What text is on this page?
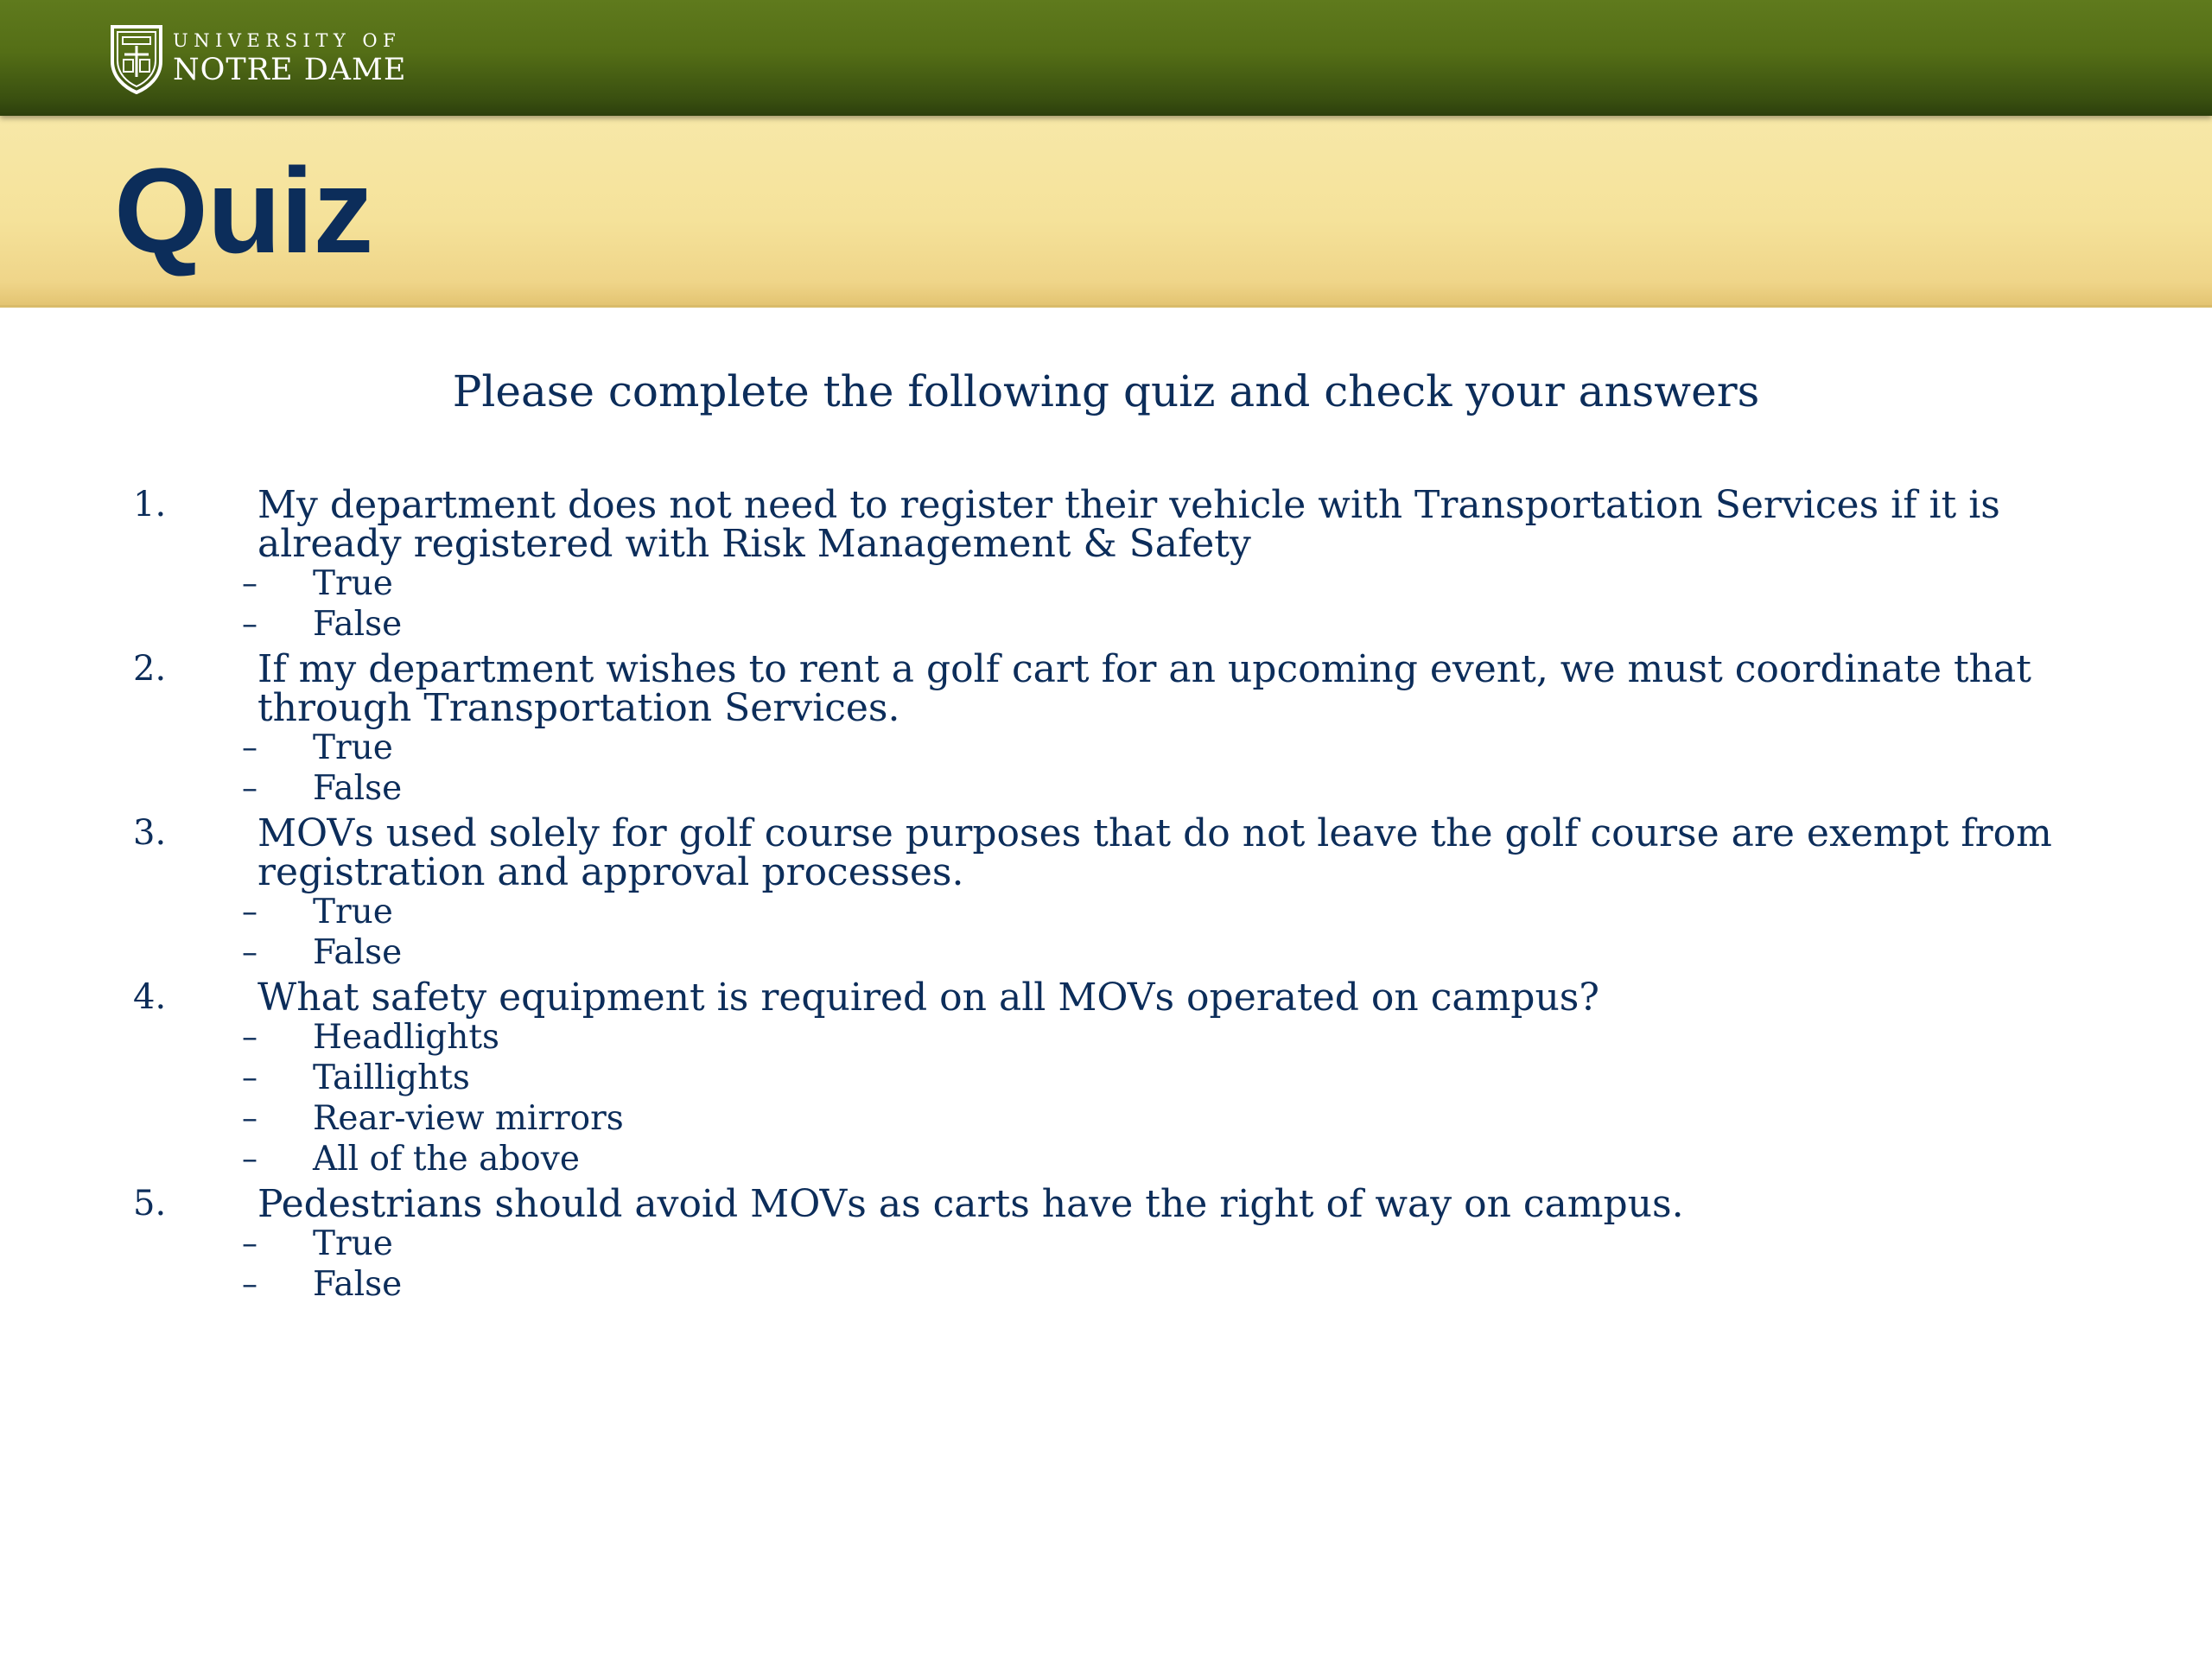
UNIVERSITY OF
NOTRE DAME
Quiz
Please complete the following quiz and check your answers
1. My department does not need to register their vehicle with Transportation Services if it is already registered with Risk Management & Safety
– True
– False
2. If my department wishes to rent a golf cart for an upcoming event, we must coordinate that through Transportation Services.
– True
– False
3. MOVs used solely for golf course purposes that do not leave the golf course are exempt from registration and approval processes.
– True
– False
4. What safety equipment is required on all MOVs operated on campus?
– Headlights
– Taillights
– Rear-view mirrors
– All of the above
5. Pedestrians should avoid MOVs as carts have the right of way on campus.
– True
– False
